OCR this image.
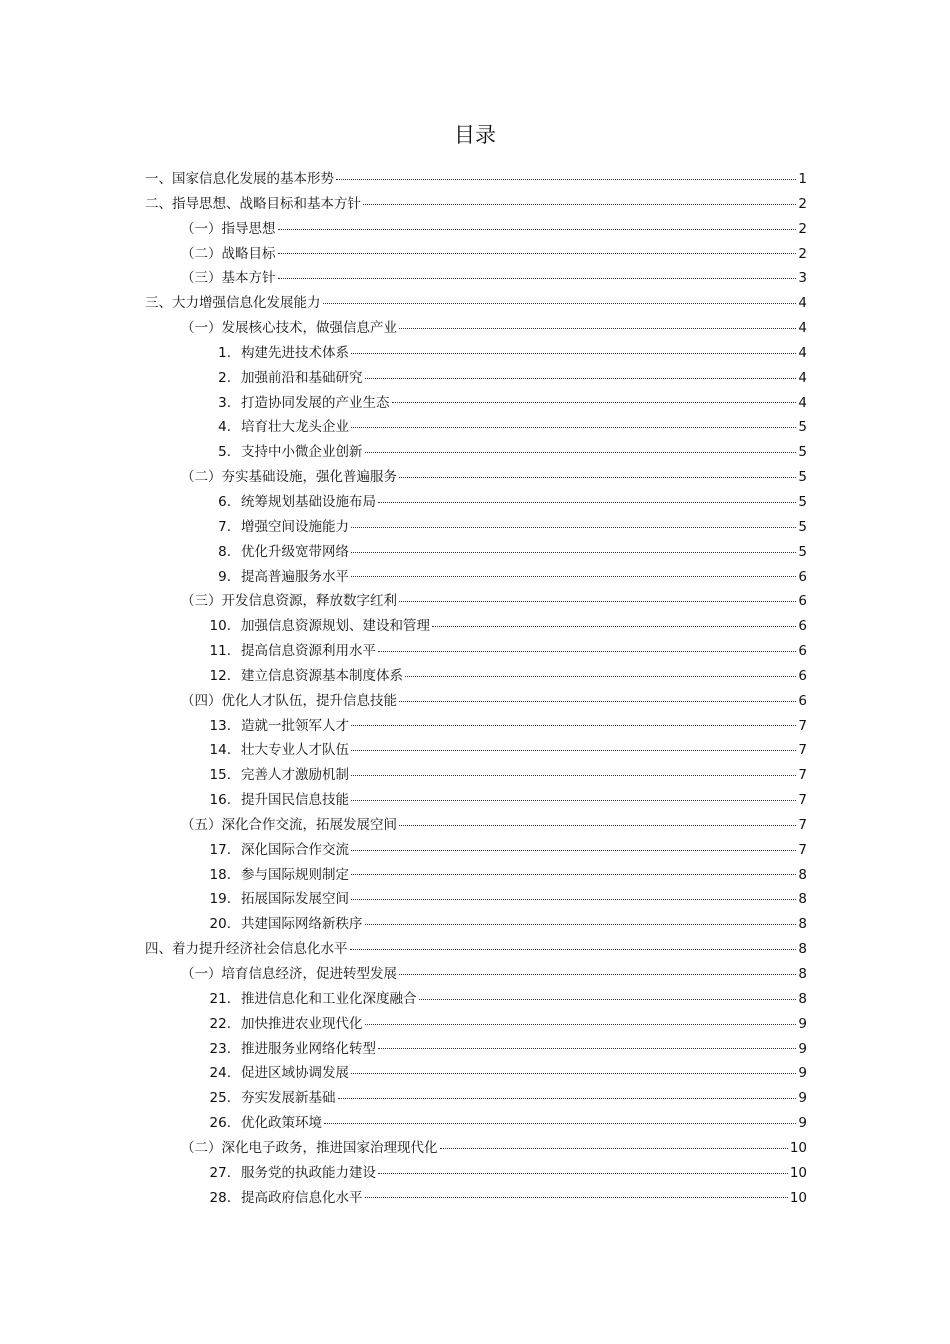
目录
一、国家信息化发展的基本形势	1
二、指导思想、战略目标和基本方针	2
（一）指导思想	2
（二）战略目标	2
（三）基本方针	3
三、大力增强信息化发展能力	4
（一）发展核心技术，做强信息产业	4
1. 构建先进技术体系	4
2. 加强前沿和基础研究	4
3. 打造协同发展的产业生态	4
4. 培育壮大龙头企业	5
5. 支持中小微企业创新	5
（二）夯实基础设施，强化普遍服务	5
6. 统筹规划基础设施布局	5
7. 增强空间设施能力	5
8. 优化升级宽带网络	5
9. 提高普遍服务水平	6
（三）开发信息资源，释放数字红利	6
10. 加强信息资源规划、建设和管理	6
11. 提高信息资源利用水平	6
12. 建立信息资源基本制度体系	6
（四）优化人才队伍，提升信息技能	6
13. 造就一批领军人才	7
14. 壮大专业人才队伍	7
15. 完善人才激励机制	7
16. 提升国民信息技能	7
（五）深化合作交流，拓展发展空间	7
17. 深化国际合作交流	7
18. 参与国际规则制定	8
19. 拓展国际发展空间	8
20. 共建国际网络新秩序	8
四、着力提升经济社会信息化水平	8
（一）培育信息经济，促进转型发展	8
21. 推进信息化和工业化深度融合	8
22. 加快推进农业现代化	9
23. 推进服务业网络化转型	9
24. 促进区域协调发展	9
25. 夯实发展新基础	9
26. 优化政策环境	9
（二）深化电子政务，推进国家治理现代化	10
27. 服务党的执政能力建设	10
28. 提高政府信息化水平	10
